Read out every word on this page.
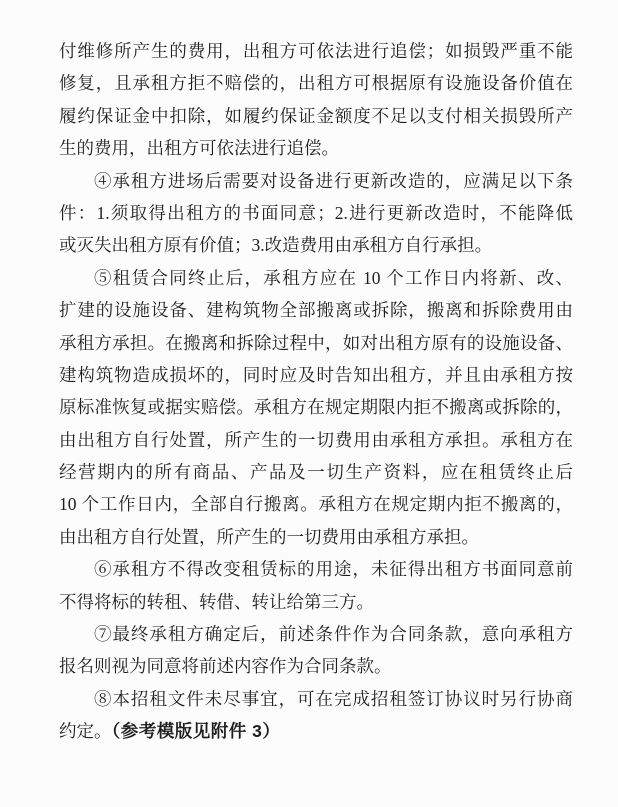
付维修所产生的费用，出租方可依法进行追偿；如损毁严重不能
修复，且承租方拒不赔偿的，出租方可根据原有设施设备价值在
履约保证金中扣除，如履约保证金额度不足以支付相关损毁所产
生的费用，出租方可依法进行追偿。
④承租方进场后需要对设备进行更新改造的，应满足以下条
件：1.须取得出租方的书面同意；2.进行更新改造时，不能降低
或灭失出租方原有价值；3.改造费用由承租方自行承担。
⑤租赁合同终止后，承租方应在 10 个工作日内将新、改、
扩建的设施设备、建构筑物全部搬离或拆除，搬离和拆除费用由
承租方承担。在搬离和拆除过程中，如对出租方原有的设施设备、
建构筑物造成损坏的，同时应及时告知出租方，并且由承租方按
原标准恢复或据实赔偿。承租方在规定期限内拒不搬离或拆除的，
由出租方自行处置，所产生的一切费用由承租方承担。承租方在
经营期内的所有商品、产品及一切生产资料，应在租赁终止后
10 个工作日内，全部自行搬离。承租方在规定期内拒不搬离的，
由出租方自行处置，所产生的一切费用由承租方承担。
⑥承租方不得改变租赁标的用途，未征得出租方书面同意前
不得将标的转租、转借、转让给第三方。
⑦最终承租方确定后，前述条件作为合同条款，意向承租方
报名则视为同意将前述内容作为合同条款。
⑧本招租文件未尽事宜，可在完成招租签订协议时另行协商
约定。（参考模版见附件 3）
